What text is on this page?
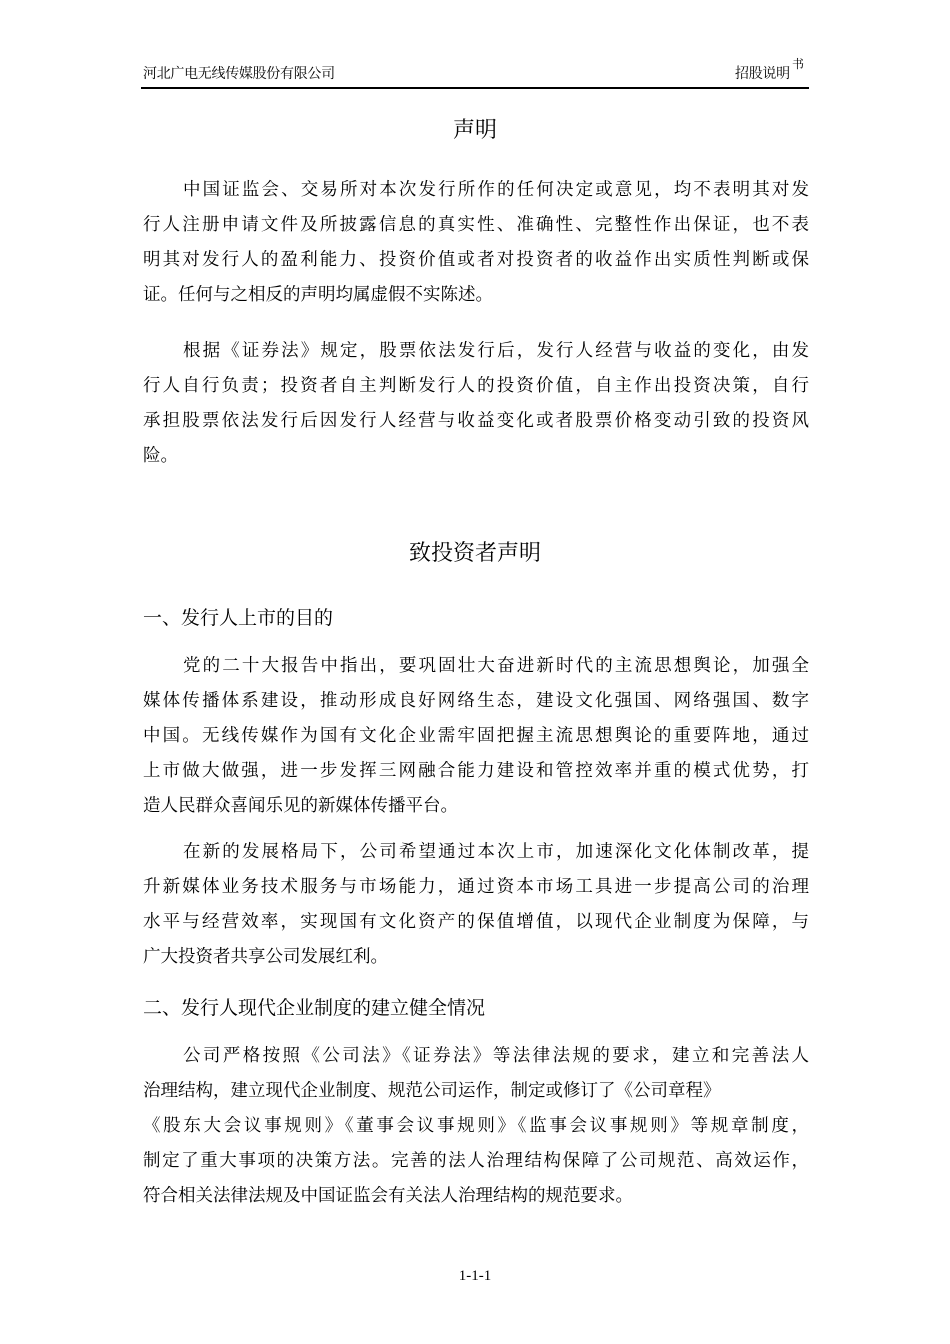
河北广电无线传媒股份有限公司	招股说明
书
声明
中国证监会、交易所对本次发行所作的任何决定或意见，均不表明其对发
行人注册申请文件及所披露信息的真实性、准确性、完整性作出保证，也不表
明其对发行人的盈利能力、投资价值或者对投资者的收益作出实质性判断或保
证。任何与之相反的声明均属虚假不实陈述。
根据《证券法》规定，股票依法发行后，发行人经营与收益的变化，由发
行人自行负责；投资者自主判断发行人的投资价值，自主作出投资决策，自行
承担股票依法发行后因发行人经营与收益变化或者股票价格变动引致的投资风
险。
致投资者声明
一、发行人上市的目的
党的二十大报告中指出，要巩固壮大奋进新时代的主流思想舆论，加强全
媒体传播体系建设，推动形成良好网络生态，建设文化强国、网络强国、数字
中国。无线传媒作为国有文化企业需牢固把握主流思想舆论的重要阵地，通过
上市做大做强，进一步发挥三网融合能力建设和管控效率并重的模式优势，打
造人民群众喜闻乐见的新媒体传播平台。
在新的发展格局下，公司希望通过本次上市，加速深化文化体制改革，提
升新媒体业务技术服务与市场能力，通过资本市场工具进一步提高公司的治理
水平与经营效率，实现国有文化资产的保值增值，以现代企业制度为保障，与
广大投资者共享公司发展红利。
二、发行人现代企业制度的建立健全情况
公司严格按照《公司法》《证券法》等法律法规的要求，建立和完善法人
治理结构，建立现代企业制度、规范公司运作，制定或修订了《公司章程》
《股东大会议事规则》《董事会议事规则》《监事会议事规则》等规章制度，
制定了重大事项的决策方法。完善的法人治理结构保障了公司规范、高效运作，
符合相关法律法规及中国证监会有关法人治理结构的规范要求。
1-1-1
